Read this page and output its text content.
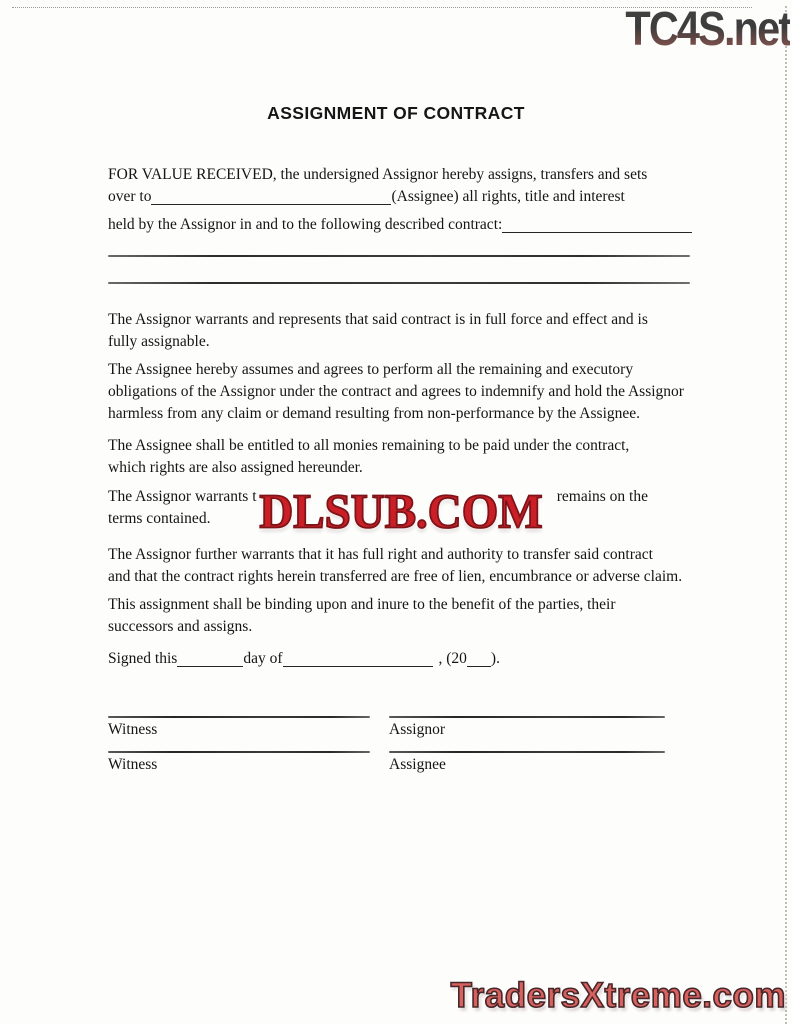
TC4S.net
ASSIGNMENT OF CONTRACT
FOR VALUE RECEIVED, the undersigned Assignor hereby assigns, transfers and sets
over to	(Assignee) all rights, title and interest
held by the Assignor in and to the following described contract:
The Assignor warrants and represents that said contract is in full force and effect and is
fully assignable.
The Assignee hereby assumes and agrees to perform all the remaining and executory
obligations of the Assignor under the contract and agrees to indemnify and hold the Assignor
harmless from any claim or demand resulting from non-performance by the Assignee.
The Assignee shall be entitled to all monies remaining to be paid under the contract,
which rights are also assigned hereunder.
The Assignor warrants t	remains on the
terms contained.	DLSUB.COM
The Assignor further warrants that it has full right and authority to transfer said contract
and that the contract rights herein transferred are free of lien, encumbrance or adverse claim.
This assignment shall be binding upon and inure to the benefit of the parties, their
successors and assigns.
Signed this	day of	, (20 ).
Witness	Assignor
Witness	Assignee
TradersXtreme.com
